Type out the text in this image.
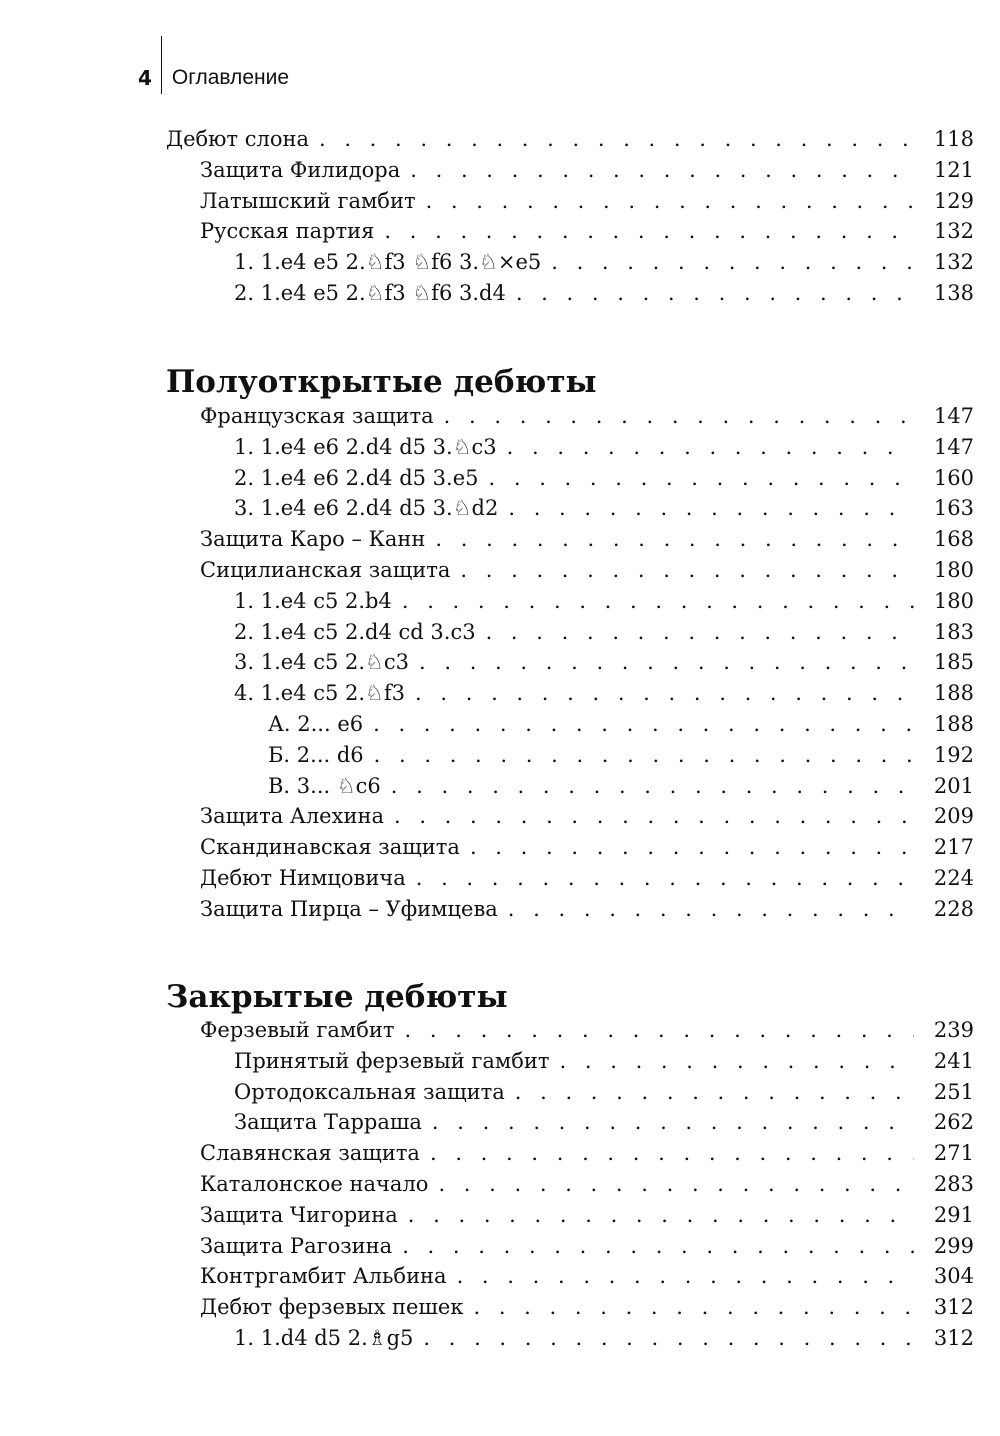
4 Оглавление
Полуоткрытые дебюты
Закрытые дебюты
Дебют слона . . .	118
Защита Филидора . . .	121
Латышский гамбит . . .	129
Русская партия . . .	132
1. 1.e4 e5 2.♘f3 ♘f6 3.♘×e5 . . .	132
2. 1.e4 e5 2.♘f3 ♘f6 3.d4 . . .	138
Французская защита . . .	147
1. 1.e4 e6 2.d4 d5 3.♘c3 . . .	147
2. 1.e4 e6 2.d4 d5 3.e5 . . .	160
3. 1.e4 e6 2.d4 d5 3.♘d2 . . .	163
Защита Каро – Канн . . .	168
Сицилианская защита . . .	180
1. 1.e4 c5 2.b4 . . .	180
2. 1.e4 c5 2.d4 cd 3.c3 . . .	183
3. 1.e4 c5 2.♘c3 . . .	185
4. 1.e4 c5 2.♘f3 . . .	188
А. 2... e6 . . .	188
Б. 2... d6 . . .	192
В. 3... ♘c6 . . .	201
Защита Алехина . . .	209
Скандинавская защита . . .	217
Дебют Нимцовича . . .	224
Защита Пирца – Уфимцева . . .	228
Ферзевый гамбит . . .	239
Принятый ферзевый гамбит . . .	241
Ортодоксальная защита . . .	251
Защита Тарраша . . .	262
Славянская защита . . .	271
Каталонское начало . . .	283
Защита Чигорина . . .	291
Защита Рагозина . . .	299
Контргамбит Альбина . . .	304
Дебют ферзевых пешек . . .	312
1. 1.d4 d5 2.♗g5 . . .	312
